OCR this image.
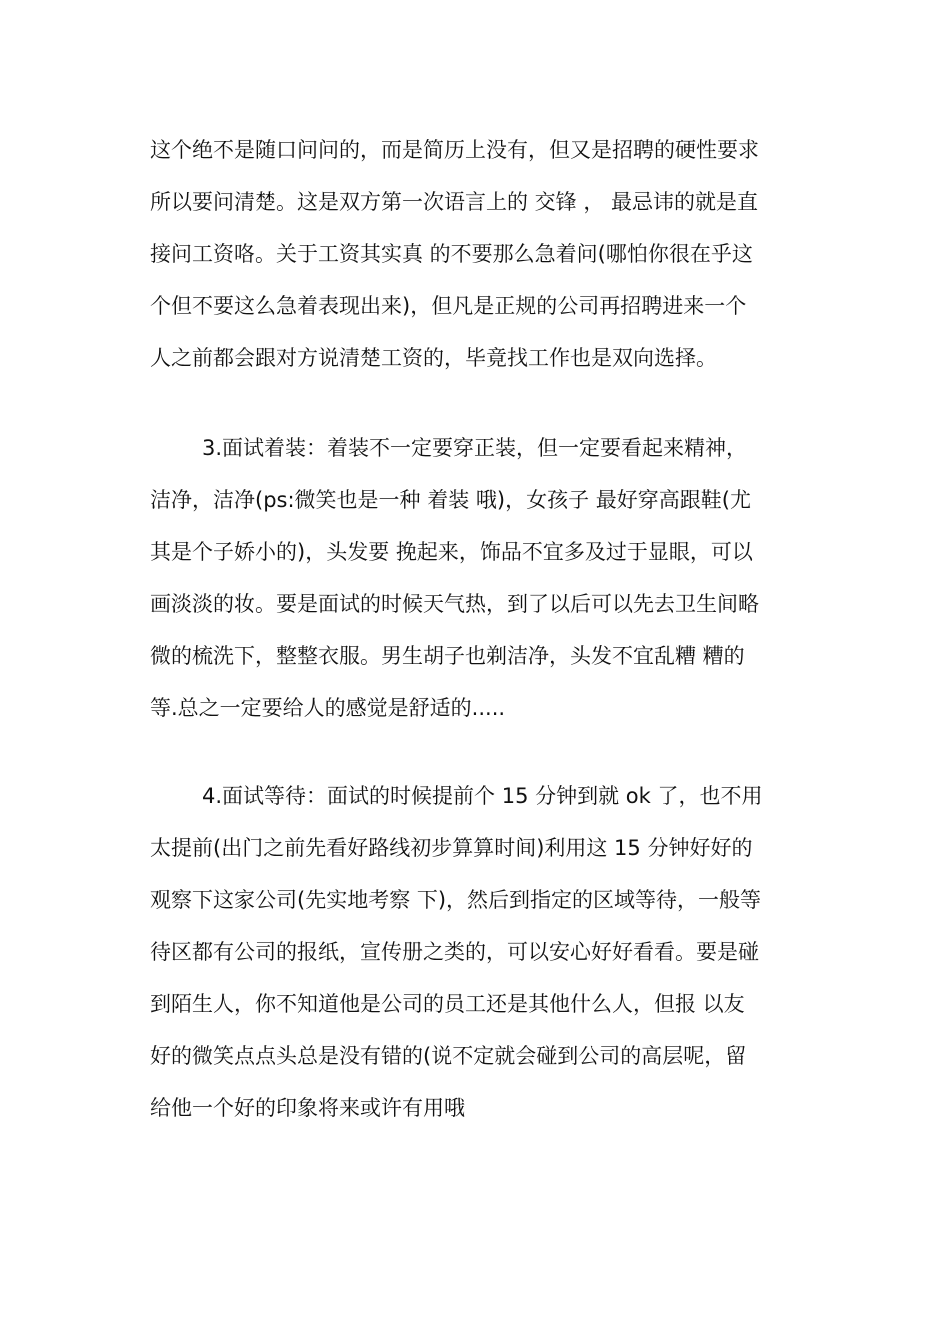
这个绝不是随口问问的，而是简历上没有，但又是招聘的硬性要求
所以要问清楚。这是双方第一次语言上的 交锋 ， 最忌讳的就是直
接问工资咯。关于工资其实真 的不要那么急着问(哪怕你很在乎这
个但不要这么急着表现出来)，但凡是正规的公司再招聘进来一个
人之前都会跟对方说清楚工资的，毕竟找工作也是双向选择。
3.面试着装：着装不一定要穿正装，但一定要看起来精神，
洁净，洁净(ps:微笑也是一种 着装 哦)，女孩子 最好穿高跟鞋(尤
其是个子娇小的)，头发要 挽起来，饰品不宜多及过于显眼，可以
画淡淡的妆。要是面试的时候天气热，到了以后可以先去卫生间略
微的梳洗下，整整衣服。男生胡子也剃洁净，头发不宜乱糟 糟的
等.总之一定要给人的感觉是舒适的.....
4.面试等待：面试的时候提前个 15 分钟到就 ok 了，也不用
太提前(出门之前先看好路线初步算算时间)利用这 15 分钟好好的
观察下这家公司(先实地考察 下)，然后到指定的区域等待，一般等
待区都有公司的报纸，宣传册之类的，可以安心好好看看。要是碰
到陌生人，你不知道他是公司的员工还是其他什么人，但报 以友
好的微笑点点头总是没有错的(说不定就会碰到公司的高层呢，留
给他一个好的印象将来或许有用哦
